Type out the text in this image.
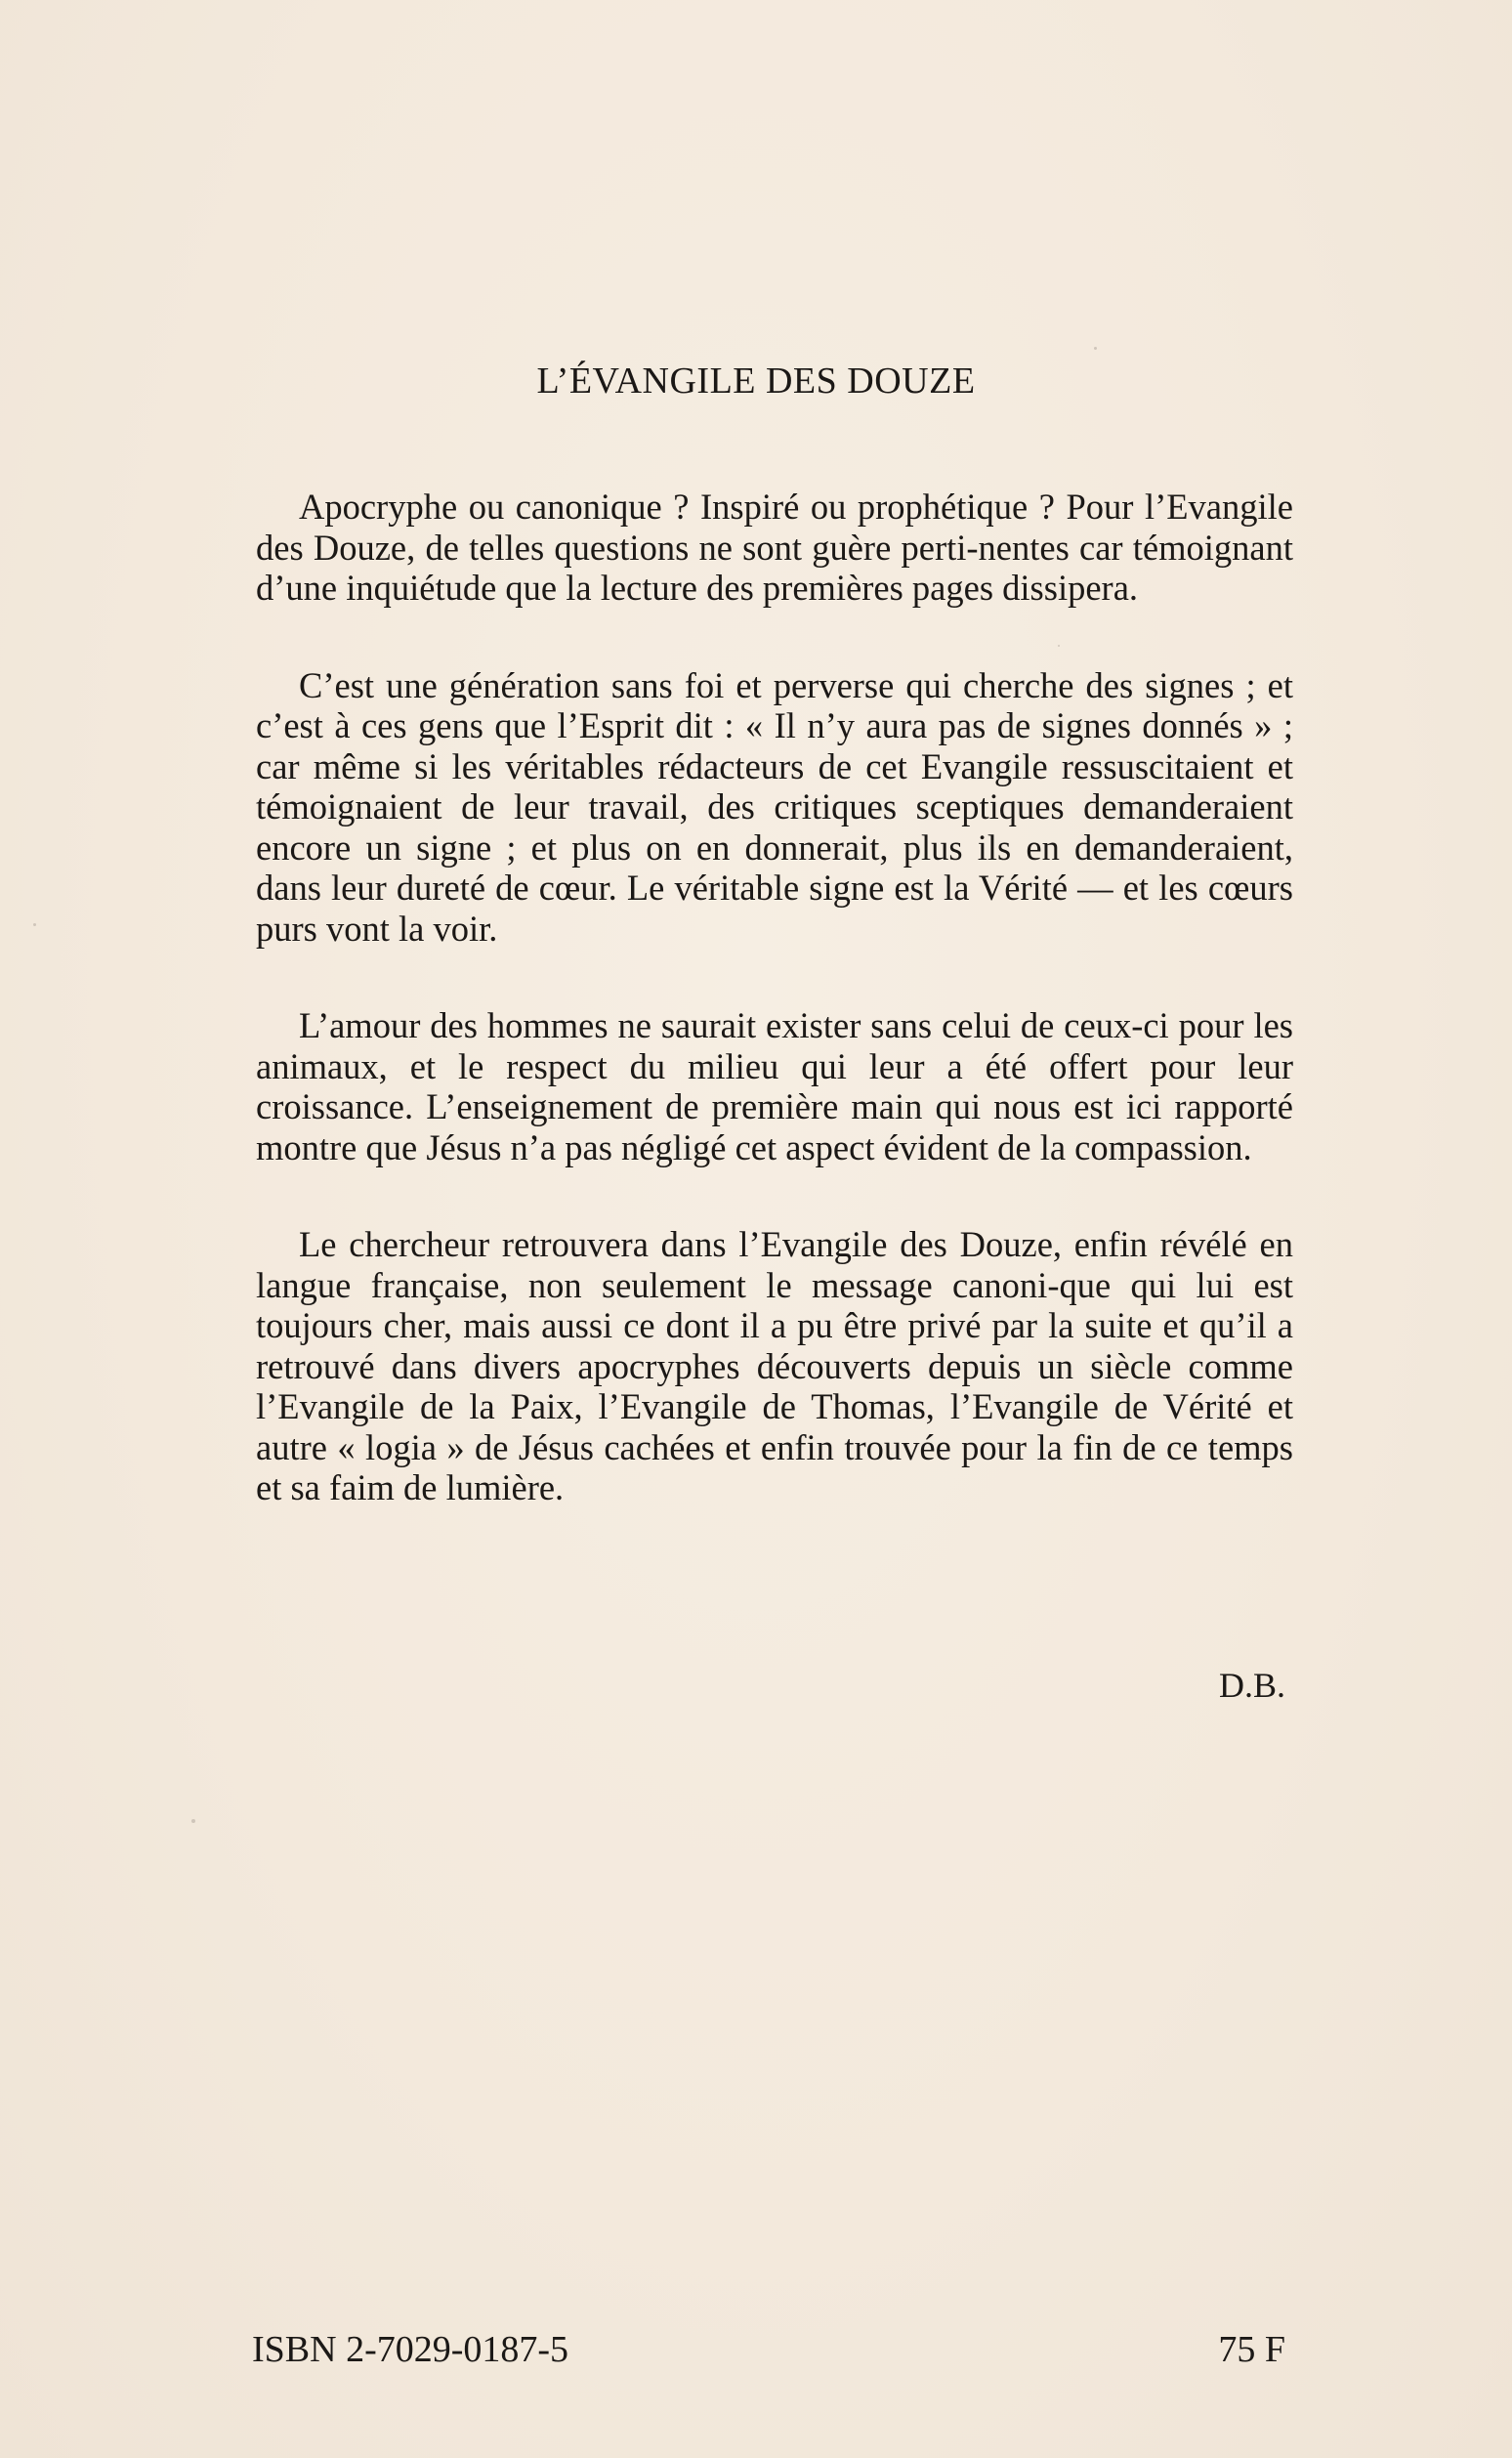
L’ÉVANGILE DES DOUZE

Apocryphe ou canonique ? Inspiré ou prophétique ? Pour l’Evangile des Douze, de telles questions ne sont guère perti-nentes car témoignant d’une inquiétude que la lecture des premières pages dissipera.

C’est une génération sans foi et perverse qui cherche des signes ; et c’est à ces gens que l’Esprit dit : « Il n’y aura pas de signes donnés » ; car même si les véritables rédacteurs de cet Evangile ressuscitaient et témoignaient de leur travail, des critiques sceptiques demanderaient encore un signe ; et plus on en donnerait, plus ils en demanderaient, dans leur dureté de cœur. Le véritable signe est la Vérité — et les cœurs purs vont la voir.

L’amour des hommes ne saurait exister sans celui de ceux-ci pour les animaux, et le respect du milieu qui leur a été offert pour leur croissance. L’enseignement de première main qui nous est ici rapporté montre que Jésus n’a pas négligé cet aspect évident de la compassion.

Le chercheur retrouvera dans l’Evangile des Douze, enfin révélé en langue française, non seulement le message canoni-que qui lui est toujours cher, mais aussi ce dont il a pu être privé par la suite et qu’il a retrouvé dans divers apocryphes découverts depuis un siècle comme l’Evangile de la Paix, l’Evangile de Thomas, l’Evangile de Vérité et autre « logia » de Jésus cachées et enfin trouvée pour la fin de ce temps et sa faim de lumière.

D.B.

ISBN 2-7029-0187-5	75 F
